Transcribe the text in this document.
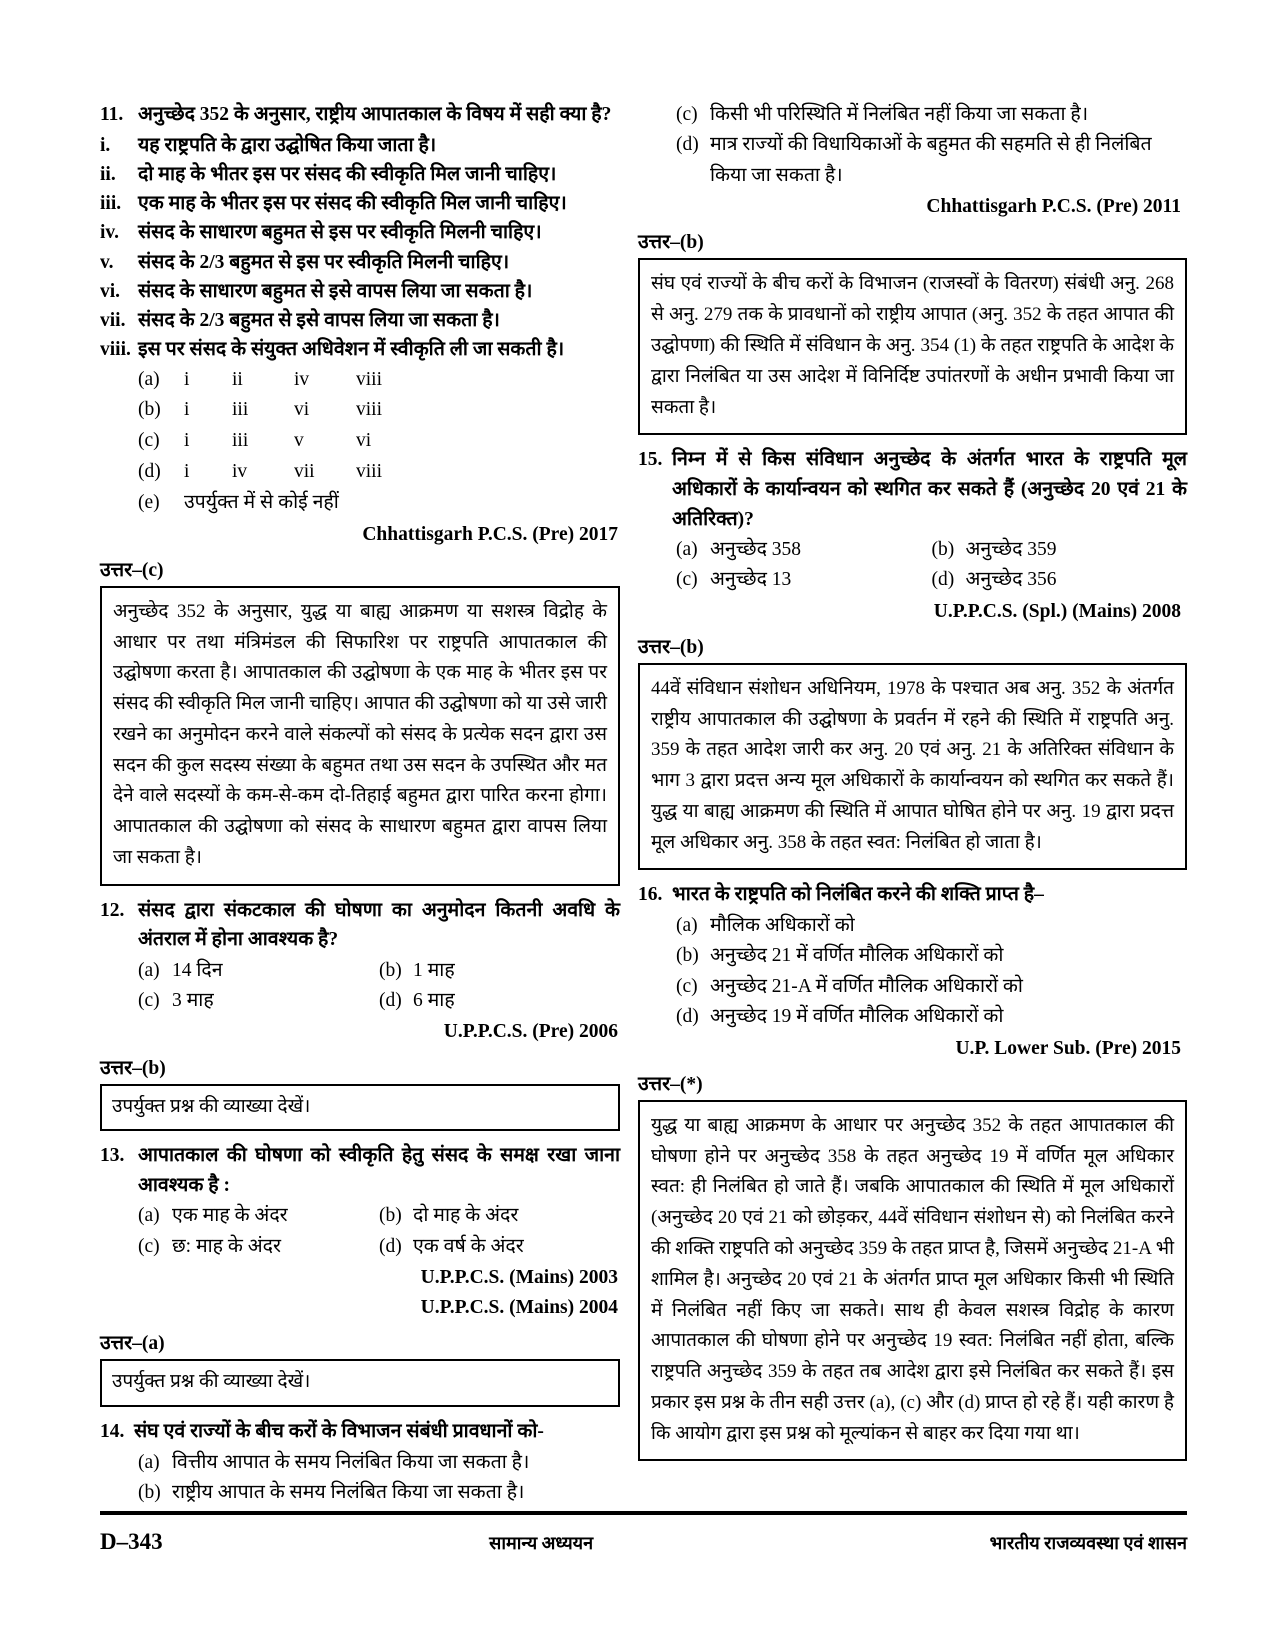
11. अनुच्छेद 352 के अनुसार, राष्ट्रीय आपातकाल के विषय में सही क्या है?
i.	यह राष्ट्रपति के द्वारा उद्घोषित किया जाता है।
ii.	दो माह के भीतर इस पर संसद की स्वीकृति मिल जानी चाहिए।
iii. एक माह के भीतर इस पर संसद की स्वीकृति मिल जानी चाहिए।
iv. संसद के साधारण बहुमत से इस पर स्वीकृति मिलनी चाहिए।
v.	संसद के 2/3 बहुमत से इस पर स्वीकृति मिलनी चाहिए।
vi. संसद के साधारण बहुमत से इसे वापस लिया जा सकता है।
vii. संसद के 2/3 बहुमत से इसे वापस लिया जा सकता है।
viii. इस पर संसद के संयुक्त अधिवेशन में स्वीकृति ली जा सकती है।
(a)	i	ii	iv	viii
(b)	i	iii	vi	viii
(c)	i	iii	v	vi
(d)	i	iv	vii	viii
(e)	उपर्युक्त में से कोई नहीं
Chhattisgarh P.C.S. (Pre) 2017
उत्तर–(c)

अनुच्छेद 352 के अनुसार, युद्ध या बाह्य आक्रमण या सशस्त्र विद्रोह के आधार पर तथा मंत्रिमंडल की सिफारिश पर राष्ट्रपति आपातकाल की उद्घोषणा करता है। आपातकाल की उद्घोषणा के एक माह के भीतर इस पर संसद की स्वीकृति मिल जानी चाहिए। आपात की उद्घोषणा को या उसे जारी रखने का अनुमोदन करने वाले संकल्पों को संसद के प्रत्येक सदन द्वारा उस सदन की कुल सदस्य संख्या के बहुमत तथा उस सदन के उपस्थित और मत देने वाले सदस्यों के कम-से-कम दो-तिहाई बहुमत द्वारा पारित करना होगा। आपातकाल की उद्घोषणा को संसद के साधारण बहुमत द्वारा वापस लिया जा सकता है।

12. संसद द्वारा संकटकाल की घोषणा का अनुमोदन कितनी अवधि के अंतराल में होना आवश्यक है?
(a) 14 दिन	(b) 1 माह
(c) 3 माह	(d) 6 माह
U.P.P.C.S. (Pre) 2006
उत्तर–(b)

उपर्युक्त प्रश्न की व्याख्या देखें।

13. आपातकाल की घोषणा को स्वीकृति हेतु संसद के समक्ष रखा जाना आवश्यक है :
(a) एक माह के अंदर	(b) दो माह के अंदर
(c) छ: माह के अंदर	(d) एक वर्ष के अंदर
U.P.P.C.S. (Mains) 2003
U.P.P.C.S. (Mains) 2004
उत्तर–(a)

उपर्युक्त प्रश्न की व्याख्या देखें।

14. संघ एवं राज्यों के बीच करों के विभाजन संबंधी प्रावधानों को-
(a) वित्तीय आपात के समय निलंबित किया जा सकता है।
(b) राष्ट्रीय आपात के समय निलंबित किया जा सकता है।
(c) किसी भी परिस्थिति में निलंबित नहीं किया जा सकता है।
(d) मात्र राज्यों की विधायिकाओं के बहुमत की सहमति से ही निलंबित किया जा सकता है।
Chhattisgarh P.C.S. (Pre) 2011
उत्तर–(b)

संघ एवं राज्यों के बीच करों के विभाजन (राजस्वों के वितरण) संबंधी अनु. 268 से अनु. 279 तक के प्रावधानों को राष्ट्रीय आपात (अनु. 352 के तहत आपात की उद्घोपणा) की स्थिति में संविधान के अनु. 354 (1) के तहत राष्ट्रपति के आदेश के द्वारा निलंबित या उस आदेश में विनिर्दिष्ट उपांतरणों के अधीन प्रभावी किया जा सकता है।

15. निम्न में से किस संविधान अनुच्छेद के अंतर्गत भारत के राष्ट्रपति मूल अधिकारों के कार्यान्वयन को स्थगित कर सकते हैं (अनुच्छेद 20 एवं 21 के अतिरिक्त)?
(a) अनुच्छेद 358	(b) अनुच्छेद 359
(c) अनुच्छेद 13	(d) अनुच्छेद 356
U.P.P.C.S. (Spl.) (Mains) 2008
उत्तर–(b)

44वें संविधान संशोधन अधिनियम, 1978 के पश्चात अब अनु. 352 के अंतर्गत राष्ट्रीय आपातकाल की उद्घोषणा के प्रवर्तन में रहने की स्थिति में राष्ट्रपति अनु. 359 के तहत आदेश जारी कर अनु. 20 एवं अनु. 21 के अतिरिक्त संविधान के भाग 3 द्वारा प्रदत्त अन्य मूल अधिकारों के कार्यान्वयन को स्थगित कर सकते हैं। युद्ध या बाह्य आक्रमण की स्थिति में आपात घोषित होने पर अनु. 19 द्वारा प्रदत्त मूल अधिकार अनु. 358 के तहत स्वत: निलंबित हो जाता है।

16. भारत के राष्ट्रपति को निलंबित करने की शक्ति प्राप्त है–
(a) मौलिक अधिकारों को
(b) अनुच्छेद 21 में वर्णित मौलिक अधिकारों को
(c) अनुच्छेद 21-A में वर्णित मौलिक अधिकारों को
(d) अनुच्छेद 19 में वर्णित मौलिक अधिकारों को
U.P. Lower Sub. (Pre) 2015
उत्तर–(*)

युद्ध या बाह्य आक्रमण के आधार पर अनुच्छेद 352 के तहत आपातकाल की घोषणा होने पर अनुच्छेद 358 के तहत अनुच्छेद 19 में वर्णित मूल अधिकार स्वत: ही निलंबित हो जाते हैं। जबकि आपातकाल की स्थिति में मूल अधिकारों (अनुच्छेद 20 एवं 21 को छोड़कर, 44वें संविधान संशोधन से) को निलंबित करने की शक्ति राष्ट्रपति को अनुच्छेद 359 के तहत प्राप्त है, जिसमें अनुच्छेद 21-A भी शामिल है। अनुच्छेद 20 एवं 21 के अंतर्गत प्राप्त मूल अधिकार किसी भी स्थिति में निलंबित नहीं किए जा सकते। साथ ही केवल सशस्त्र विद्रोह के कारण आपातकाल की घोषणा होने पर अनुच्छेद 19 स्वत: निलंबित नहीं होता, बल्कि राष्ट्रपति अनुच्छेद 359 के तहत तब आदेश द्वारा इसे निलंबित कर सकते हैं। इस प्रकार इस प्रश्न के तीन सही उत्तर (a), (c) और (d) प्राप्त हो रहे हैं। यही कारण है कि आयोग द्वारा इस प्रश्न को मूल्यांकन से बाहर कर दिया गया था।

D–343	सामान्य अध्ययन	भारतीय राजव्यवस्था एवं शासन
